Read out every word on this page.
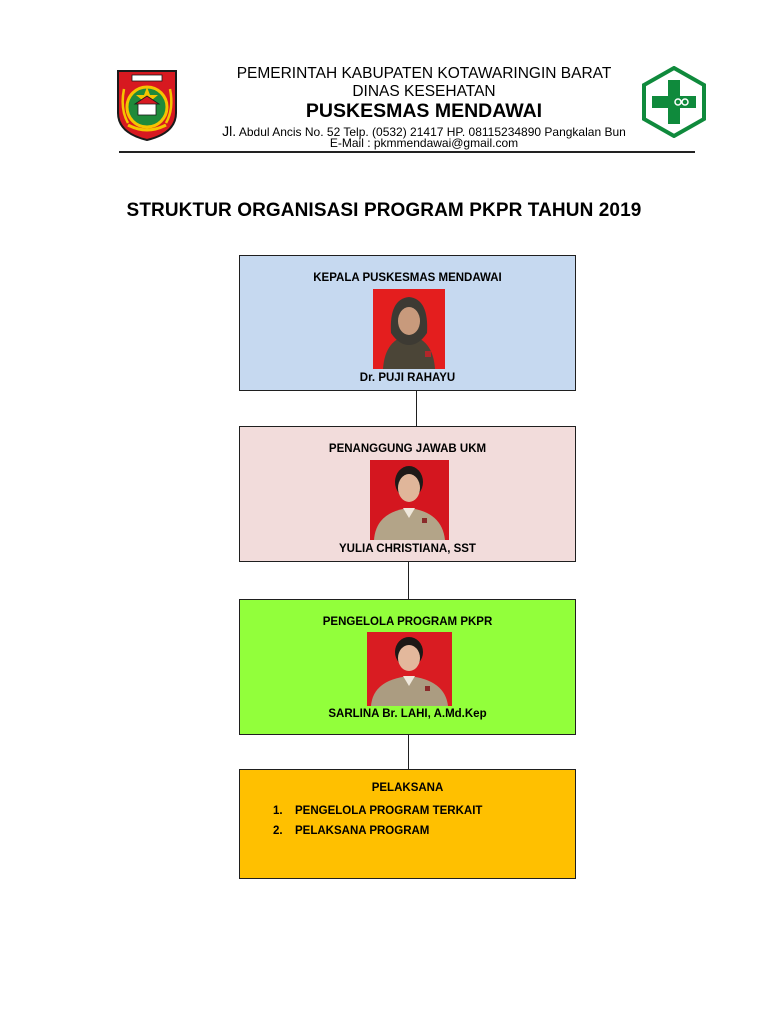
PEMERINTAH KABUPATEN KOTAWARINGIN BARAT
DINAS KESEHATAN
PUSKESMAS MENDAWAI
Jl. Abdul Ancis No. 52 Telp. (0532) 21417 HP. 08115234890 Pangkalan Bun
E-Mail : pkmmendawai@gmail.com
STRUKTUR ORGANISASI PROGRAM PKPR TAHUN 2019
KEPALA PUSKESMAS MENDAWAI
Dr. PUJI RAHAYU
PENANGGUNG JAWAB UKM
YULIA CHRISTIANA, SST
PENGELOLA PROGRAM PKPR
SARLINA Br. LAHI, A.Md.Kep
PELAKSANA
1. PENGELOLA PROGRAM TERKAIT
2. PELAKSANA PROGRAM
